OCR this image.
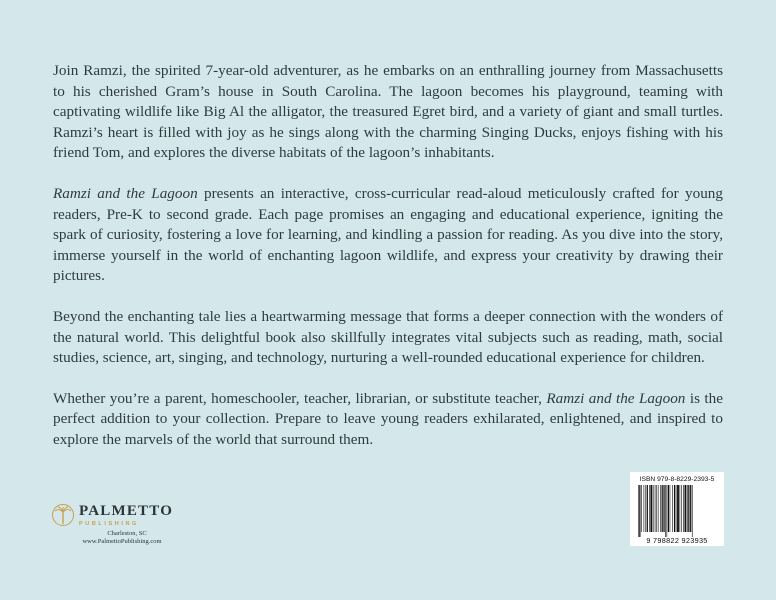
Join Ramzi, the spirited 7-year-old adventurer, as he embarks on an enthralling journey from Massachusetts to his cherished Gram’s house in South Carolina. The lagoon becomes his playground, teaming with captivating wildlife like Big Al the alligator, the treasured Egret bird, and a variety of giant and small turtles. Ramzi’s heart is filled with joy as he sings along with the charming Singing Ducks, enjoys fishing with his friend Tom, and explores the diverse habitats of the lagoon’s inhabitants.

Ramzi and the Lagoon presents an interactive, cross-curricular read-aloud meticulously crafted for young readers, Pre-K to second grade. Each page promises an engaging and educational experience, igniting the spark of curiosity, fostering a love for learning, and kindling a passion for reading. As you dive into the story, immerse yourself in the world of enchanting lagoon wildlife, and express your creativity by drawing their pictures.

Beyond the enchanting tale lies a heartwarming message that forms a deeper connection with the wonders of the natural world. This delightful book also skillfully integrates vital subjects such as reading, math, social studies, science, art, singing, and technology, nurturing a well-rounded educational experience for children.

Whether you’re a parent, homeschooler, teacher, librarian, or substitute teacher, Ramzi and the Lagoon is the perfect addition to your collection. Prepare to leave young readers exhilarated, enlightened, and inspired to explore the marvels of the world that surround them.

PALMETTO
PUBLISHING
Charleston, SC
www.PalmettoPublishing.com
ISBN 979-8-8229-2393-5
9 798822 923935
